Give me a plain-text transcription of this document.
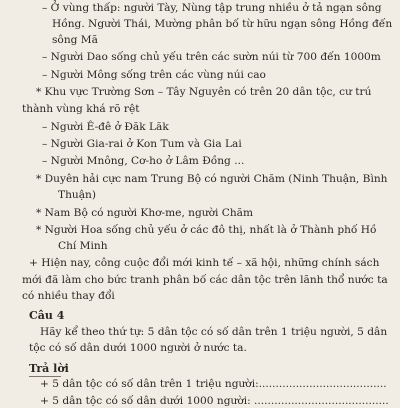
– Ở vùng thấp: người Tày, Nùng tập trung nhiều ở tả ngạn sông
Hồng. Người Thái, Mường phân bố từ hữu ngạn sông Hồng đến
sông Mã
– Người Dao sống chủ yếu trên các sườn núi từ 700 đến 1000m
– Người Mông sống trên các vùng núi cao
* Khu vực Trường Sơn – Tây Nguyên có trên 20 dân tộc, cư trú
thành vùng khá rõ rệt
– Người Ê-đê ở Đăk Lăk
– Người Gia-rai ở Kon Tum và Gia Lai
– Người Mnông, Cơ-ho ở Lâm Đồng ...
* Duyên hải cực nam Trung Bộ có người Chăm (Ninh Thuận, Bình
Thuận)
* Nam Bộ có người Khơ-me, người Chăm
* Người Hoa sống chủ yếu ở các đô thị, nhất là ở Thành phố Hồ
Chí Minh
+ Hiện nay, công cuộc đổi mới kinh tế – xã hội, những chính sách
mới đã làm cho bức tranh phân bố các dân tộc trên lãnh thổ nước ta
có nhiều thay đổi
Câu 4
Hãy kể theo thứ tự: 5 dân tộc có số dân trên 1 triệu người, 5 dân
tộc có số dân dưới 1000 người ở nước ta.
Trả lời
+ 5 dân tộc có số dân trên 1 triệu người:......................................
+ 5 dân tộc có số dân dưới 1000 người: ........................................
